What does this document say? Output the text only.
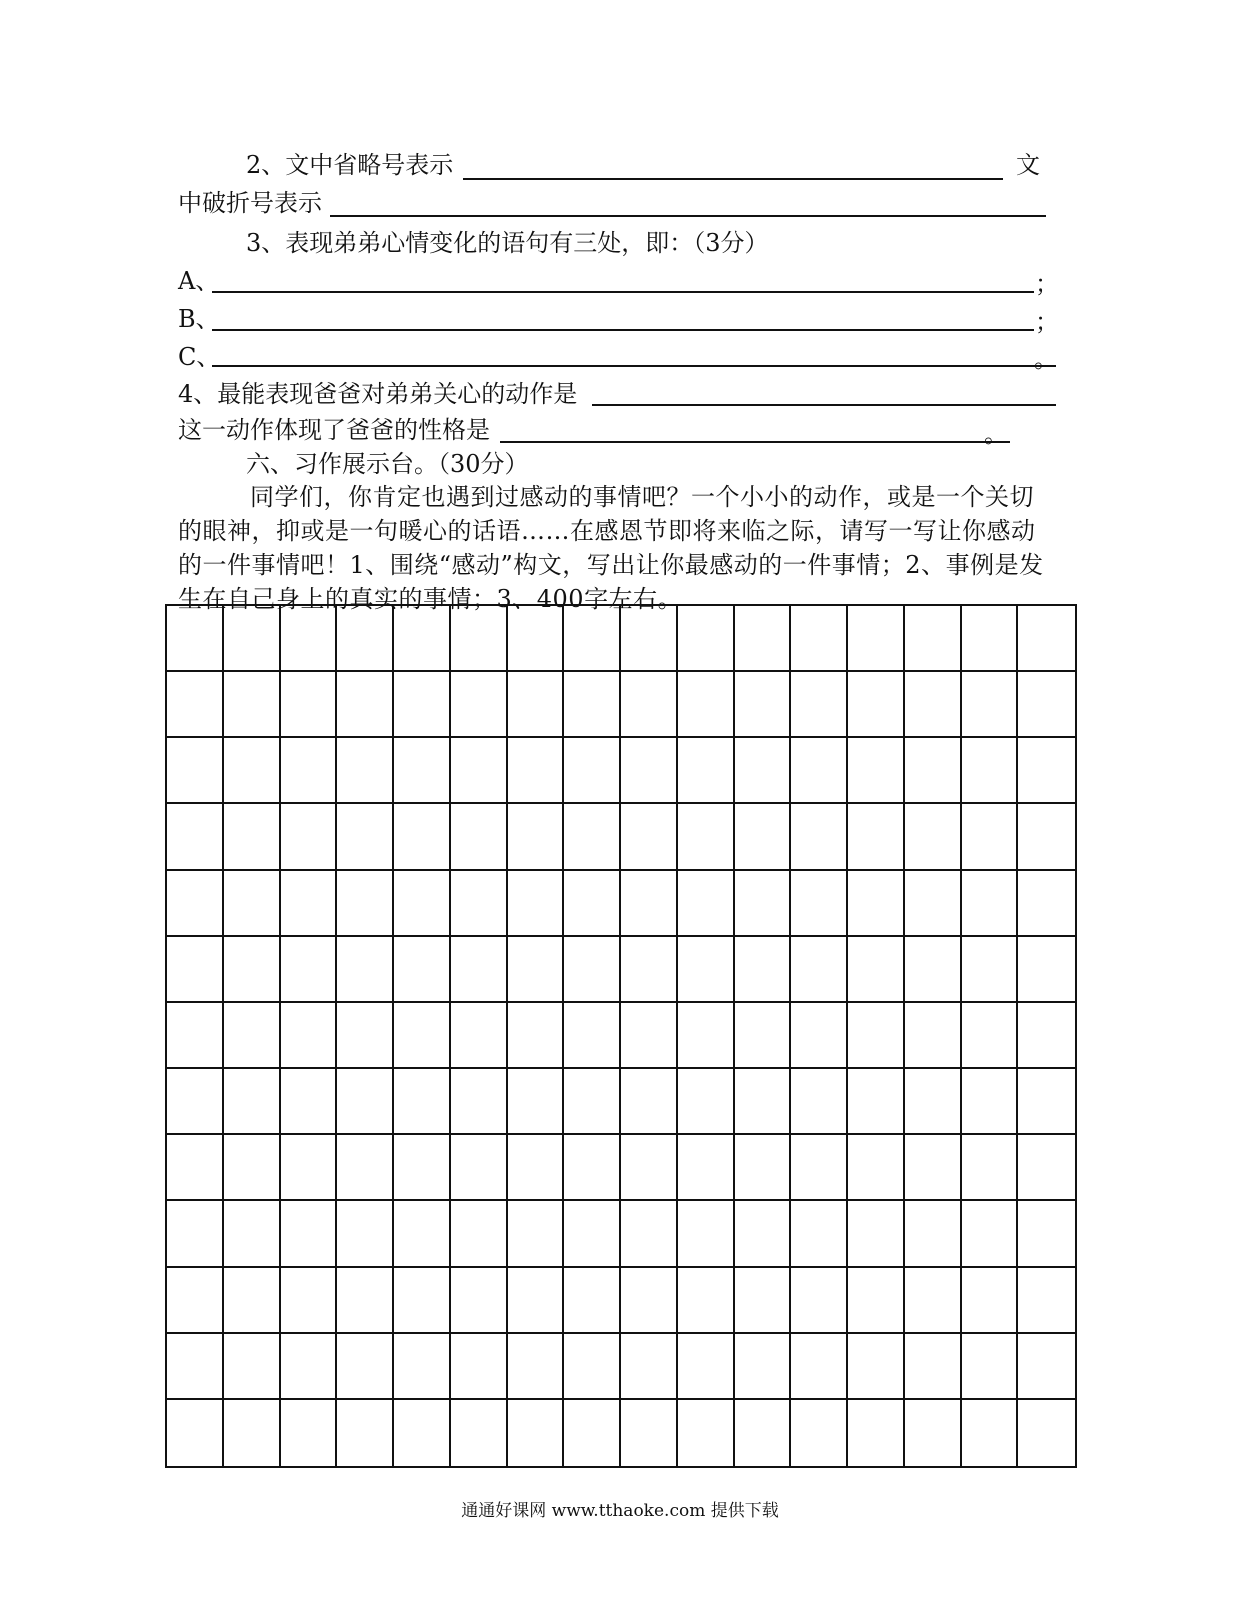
2、文中省略号表示	文
中破折号表示
3、表现弟弟心情变化的语句有三处，即：（3分）
A、	；
B、	；
C、	。
4、最能表现爸爸对弟弟关心的动作是
这一动作体现了爸爸的性格是	。
六、习作展示台。（30分）
同学们，你肯定也遇到过感动的事情吧？一个小小的动作，或是一个关切的眼神，抑或是一句暖心的话语……在感恩节即将来临之际，请写一写让你感动的一件事情吧！1、围绕“感动”构文，写出让你最感动的一件事情；2、事例是发生在自己身上的真实的事情；3、400字左右。
通通好课网 www.tthaoke.com 提供下载
